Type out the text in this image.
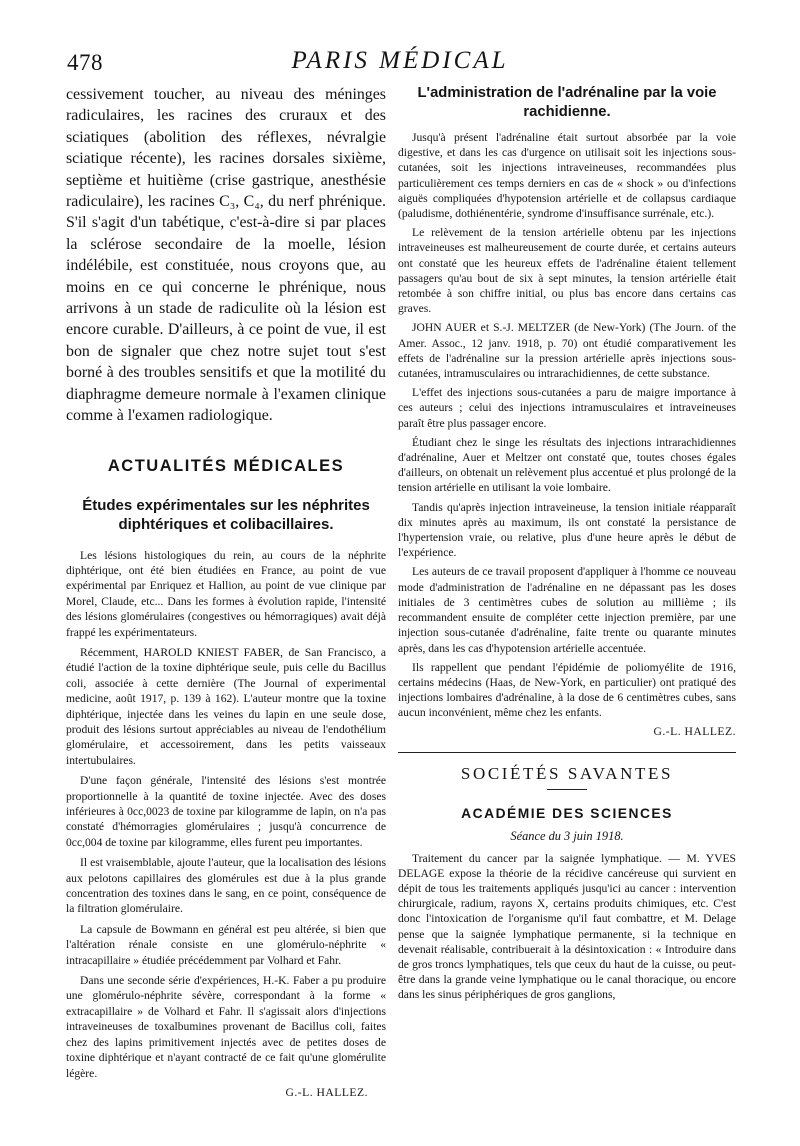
478	PARIS MÉDICAL

cessivement toucher, au niveau des méninges radiculaires, les racines des cruraux et des sciatiques (abolition des réflexes, névralgie sciatique récente), les racines dorsales sixième, septième et huitième (crise gastrique, anesthésie radiculaire), les racines C₃, C₄, du nerf phrénique. S'il s'agit d'un tabétique, c'est-à-dire si par places la sclérose secondaire de la moelle, lésion indélébile, est constituée, nous croyons que, au moins en ce qui concerne le phrénique, nous arrivons à un stade de radiculite où la lésion est encore curable. D'ailleurs, à ce point de vue, il est bon de signaler que chez notre sujet tout s'est borné à des troubles sensitifs et que la motilité du diaphragme demeure normale à l'examen clinique comme à l'examen radiologique.

ACTUALITÉS MÉDICALES
Études expérimentales sur les néphrites diphtériques et colibacillaires.

Les lésions histologiques du rein, au cours de la néphrite diphtérique, ont été bien étudiées en France, au point de vue expérimental par Enriquez et Hallion, au point de vue clinique par Morel, Claude, etc... Dans les formes à évolution rapide, l'intensité des lésions glomérulaires (congestives ou hémorragiques) avait déjà frappé les expérimentateurs.

Récemment, HAROLD KNIEST FABER, de San Francisco, a étudié l'action de la toxine diphtérique seule, puis celle du Bacillus coli, associée à cette dernière (The Journal of experimental medicine, août 1917, p. 139 à 162). L'auteur montre que la toxine diphtérique, injectée dans les veines du lapin en une seule dose, produit des lésions surtout appréciables au niveau de l'endothélium glomérulaire, et accessoirement, dans les petits vaisseaux intertubulaires.

D'une façon générale, l'intensité des lésions s'est montrée proportionnelle à la quantité de toxine injectée. Avec des doses inférieures à 0cc,0023 de toxine par kilogramme de lapin, on n'a pas constaté d'hémorragies glomérulaires ; jusqu'à concurrence de 0cc,004 de toxine par kilogramme, elles furent peu importantes.

Il est vraisemblable, ajoute l'auteur, que la localisation des lésions aux pelotons capillaires des glomérules est due à la plus grande concentration des toxines dans le sang, en ce point, conséquence de la filtration glomérulaire.

La capsule de Bowmann en général est peu altérée, si bien que l'altération rénale consiste en une glomérulo-néphrite « intracapillaire » étudiée précédemment par Volhard et Fahr.

Dans une seconde série d'expériences, H.-K. Faber a pu produire une glomérulo-néphrite sévère, correspondant à la forme « extracapillaire » de Volhard et Fahr. Il s'agissait alors d'injections intraveineuses de toxalbumines provenant de Bacillus coli, faites chez des lapins primitivement injectés avec de petites doses de toxine diphtérique et n'ayant contracté de ce fait qu'une glomérulite légère.

G.-L. HALLEZ.
L'administration de l'adrénaline par la voie rachidienne.

Jusqu'à présent l'adrénaline était surtout absorbée par la voie digestive, et dans les cas d'urgence on utilisait soit les injections sous-cutanées, soit les injections intraveineuses, recommandées plus particulièrement ces temps derniers en cas de « shock » ou d'infections aiguës compliquées d'hypotension artérielle et de collapsus cardiaque (paludisme, dothiénentérie, syndrome d'insuffisance surrénale, etc.).

Le relèvement de la tension artérielle obtenu par les injections intraveineuses est malheureusement de courte durée, et certains auteurs ont constaté que les heureux effets de l'adrénaline étaient tellement passagers qu'au bout de six à sept minutes, la tension artérielle était retombée à son chiffre initial, ou plus bas encore dans certains cas graves.

JOHN AUER et S.-J. MELTZER (de New-York) (The Journ. of the Amer. Assoc., 12 janv. 1918, p. 70) ont étudié comparativement les effets de l'adrénaline sur la pression artérielle après injections sous-cutanées, intramusculaires ou intrarachidiennes, de cette substance.

L'effet des injections sous-cutanées a paru de maigre importance à ces auteurs ; celui des injections intramusculaires et intraveineuses paraît être plus passager encore.

Étudiant chez le singe les résultats des injections intrarachidiennes d'adrénaline, Auer et Meltzer ont constaté que, toutes choses égales d'ailleurs, on obtenait un relèvement plus accentué et plus prolongé de la tension artérielle en utilisant la voie lombaire.

Tandis qu'après injection intraveineuse, la tension initiale réapparaît dix minutes après au maximum, ils ont constaté la persistance de l'hypertension vraie, ou relative, plus d'une heure après le début de l'expérience.

Les auteurs de ce travail proposent d'appliquer à l'homme ce nouveau mode d'administration de l'adrénaline en ne dépassant pas les doses initiales de 3 centimètres cubes de solution au millième ; ils recommandent ensuite de compléter cette injection première, par une injection sous-cutanée d'adrénaline, faite trente ou quarante minutes après, dans les cas d'hypotension artérielle accentuée.

Ils rappellent que pendant l'épidémie de poliomyélite de 1916, certains médecins (Haas, de New-York, en particulier) ont pratiqué des injections lombaires d'adrénaline, à la dose de 6 centimètres cubes, sans aucun inconvénient, même chez les enfants.

G.-L. HALLEZ.
SOCIÉTÉS SAVANTES
ACADÉMIE DES SCIENCES
Séance du 3 juin 1918.

Traitement du cancer par la saignée lymphatique. — M. YVES DELAGE expose la théorie de la récidive cancéreuse qui survient en dépit de tous les traitements appliqués jusqu'ici au cancer : intervention chirurgicale, radium, rayons X, certains produits chimiques, etc. C'est donc l'intoxication de l'organisme qu'il faut combattre, et M. Delage pense que la saignée lymphatique permanente, si la technique en devenait réalisable, contribuerait à la désintoxication : « Introduire dans de gros troncs lymphatiques, tels que ceux du haut de la cuisse, ou peut-être dans la grande veine lymphatique ou le canal thoracique, ou encore dans les sinus périphériques de gros ganglions,
